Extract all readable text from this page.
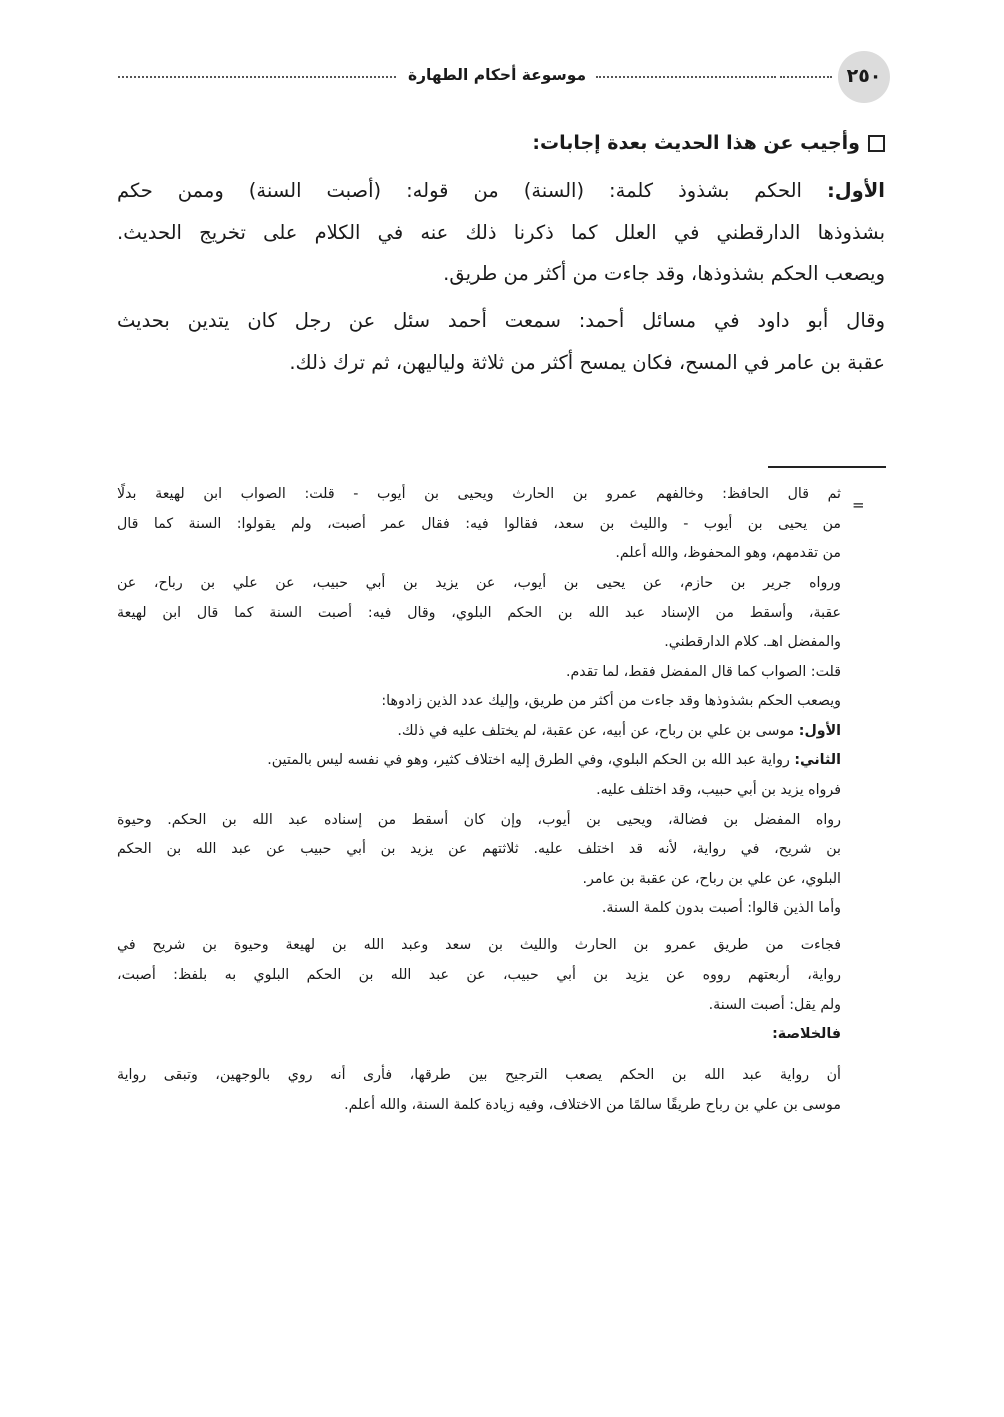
٢٥٠
موسوعة أحكام الطهارة
وأجيب عن هذا الحديث بعدة إجابات:
الأول: الحكم بشذوذ كلمة: (السنة) من قوله: (أصبت السنة) وممن حكم
بشذوذها الدارقطني في العلل كما ذكرنا ذلك عنه في الكلام على تخريج الحديث.
ويصعب الحكم بشذوذها، وقد جاءت من أكثر من طريق.
وقال أبو داود في مسائل أحمد: سمعت أحمد سئل عن رجل كان يتدين بحديث
عقبة بن عامر في المسح، فكان يمسح أكثر من ثلاثة ولياليهن، ثم ترك ذلك.
=
ثم قال الحافظ: وخالفهم عمرو بن الحارث ويحيى بن أيوب - قلت: الصواب ابن لهيعة بدلًا
من يحيى بن أيوب - والليث بن سعد، فقالوا فيه: فقال عمر أصبت، ولم يقولوا: السنة كما قال
من تقدمهم، وهو المحفوظ، والله أعلم.
ورواه جرير بن حازم، عن يحيى بن أيوب، عن يزيد بن أبي حبيب، عن علي بن رباح، عن
عقبة، وأسقط من الإسناد عبد الله بن الحكم البلوي، وقال فيه: أصبت السنة كما قال ابن لهيعة
والمفضل اهـ. كلام الدارقطني.
قلت: الصواب كما قال المفضل فقط، لما تقدم.
ويصعب الحكم بشذوذها وقد جاءت من أكثر من طريق، وإليك عدد الذين زادوها:
الأول: موسى بن علي بن رباح، عن أبيه، عن عقبة، لم يختلف عليه في ذلك.
الثاني: رواية عبد الله بن الحكم البلوي، وفي الطرق إليه اختلاف كثير، وهو في نفسه ليس بالمتين.
فرواه يزيد بن أبي حبيب، وقد اختلف عليه.
رواه المفضل بن فضالة، ويحيى بن أيوب، وإن كان أسقط من إسناده عبد الله بن الحكم. وحيوة
بن شريح، في رواية، لأنه قد اختلف عليه. ثلاثتهم عن يزيد بن أبي حبيب عن عبد الله بن الحكم
البلوي، عن علي بن رباح، عن عقبة بن عامر.
وأما الذين قالوا: أصبت بدون كلمة السنة.
فجاءت من طريق عمرو بن الحارث والليث بن سعد وعبد الله بن لهيعة وحيوة بن شريح في
رواية، أربعتهم رووه عن يزيد بن أبي حبيب، عن عبد الله بن الحكم البلوي به بلفظ: أصبت،
ولم يقل: أصبت السنة.
فالخلاصة:
أن رواية عبد الله بن الحكم يصعب الترجيح بين طرقها، فأرى أنه روي بالوجهين، وتبقى رواية
موسى بن علي بن رباح طريقًا سالمًا من الاختلاف، وفيه زيادة كلمة السنة، والله أعلم.
